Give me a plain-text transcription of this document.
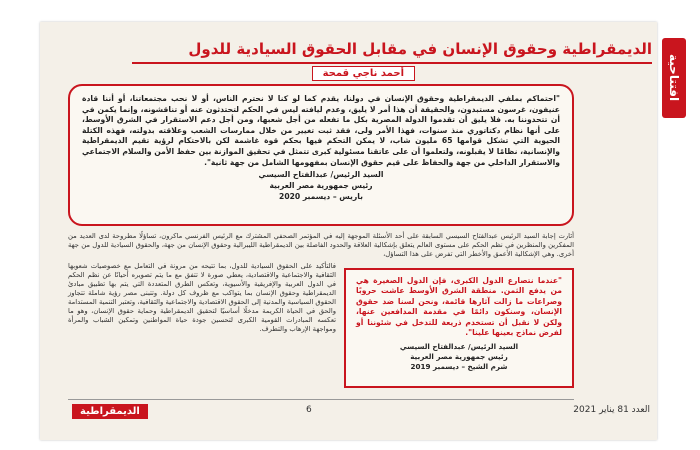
افتتاحية
الديمقراطية وحقوق الإنسان في مقابل الحقوق السيادية للدول
أحمد ناجي قمحة

"احتماكم بملفي الديمقراطية وحقوق الإنسان في دولنا، يقدم كما لو كنا لا نحترم الناس، أو لا نحب مجتمعاتنا، أو أننا قادة عنيفون، غرسون مستبدون، والحقيقة أن هذا أمر لا يليق، وعدم ليافته ليس في الحكم لتحتدثون عنه أو تناقشونه، وإنما يكمن في أن تتحدوننا به. فلا يليق أن تقدموا الدولة المصرية بكل ما تفعله من أجل شعبها، ومن أجل دعم الاستقرار في الشرق الأوسط، على أنها نظام دكتاتوري منذ سنوات، فهذا الأمر ولى، فقد ثبت تغيير من خلال ممارسات الشعب وعلاقته بدولته، فهذه الكتلة الحيوية التي تشكل قوامها 65 مليون شاب، لا يمكن التحكم فيها بحكم قوة غاشمة لكن بالاحتكام لرؤية تقيم الديمقراطية والإنسانية، نظامًا لا يقبلونه، ولتعلموا أن على عاتقنا مسئولية كبرى تتمثل في تحقيق الموازنة بين حفظ الأمن والسلام الاجتماعي والاستقرار الداخلي من جهة والحفاظ على قيم حقوق الإنسان بمفهومها الشامل من جهة ثانية".

السيد الرئيس/ عبدالفتاح السيسي
رئيس جمهورية مصر العربية
باريس – ديسمبر 2020

أثارت إجابة السيد الرئيس عبدالفتاح السيسي السابقة على أحد الأسئلة الموجهة إليه في المؤتمر الصحفي المشترك مع الرئيس الفرنسي ماكرون، تساؤلًا مطروحة لدى العديد من المفكرين والمنظرين في نظم الحكم على مستوى العالم يتعلق بإشكالية العلاقة والحدود الفاصلة بين الديمقراطية الليبرالية وحقوق الإنسان من جهة، والحقوق السيادية للدول من جهة أخرى. وهي الإشكالية الأعمق والأخطر التي تفرض على هذا التساؤل،

فالتأكيد على الحقوق السيادية للدول، بما تتيحه من مرونة في التعامل مع خصوصيات شعوبها الثقافية والاجتماعية والاقتصادية، يعطي صورة لا تتفق مع ما يتم تصويره أحيانًا عن نظم الحكم في الدول العربية والإفريقية والأسيوية، وتعكس الطرق المتعددة التي يتم بها تطبيق مبادئ الديمقراطية وحقوق الإنسان بما يتواكب مع ظروف كل دولة. وتتبنى مصر رؤية شاملة تتجاوز الحقوق السياسية والمدنية إلى الحقوق الاقتصادية والاجتماعية والثقافية، وتعتبر التنمية المستدامة والحق في الحياة الكريمة مدخلًا أساسيًا لتحقيق الديمقراطية وحماية حقوق الإنسان، وهو ما تعكسه المبادرات القومية الكبرى لتحسين جودة حياة المواطنين وتمكين الشباب والمرأة ومواجهة الإرهاب والتطرف.

"عندما نتصارع الدول الكبرى، فإن الدول الصغيرة هي من يدفع الثمن. منطقة الشرق الأوسط عاشت حروبًا وصراعات ما زالت آثارها قائمة، ونحن لسنا ضد حقوق الإنسان، وسنكون دائمًا في مقدمة المدافعين عنها، ولكن لا نقبل أن تستخدم ذريعة للتدخل في شئوننا أو لفرض نماذج بعينها علينا".

السيد الرئيس/ عبدالفتاح السيسي
رئيس جمهورية مصر العربية
شرم الشيخ – ديسمبر 2019
الديمقراطية	6	العدد 81 يناير 2021
